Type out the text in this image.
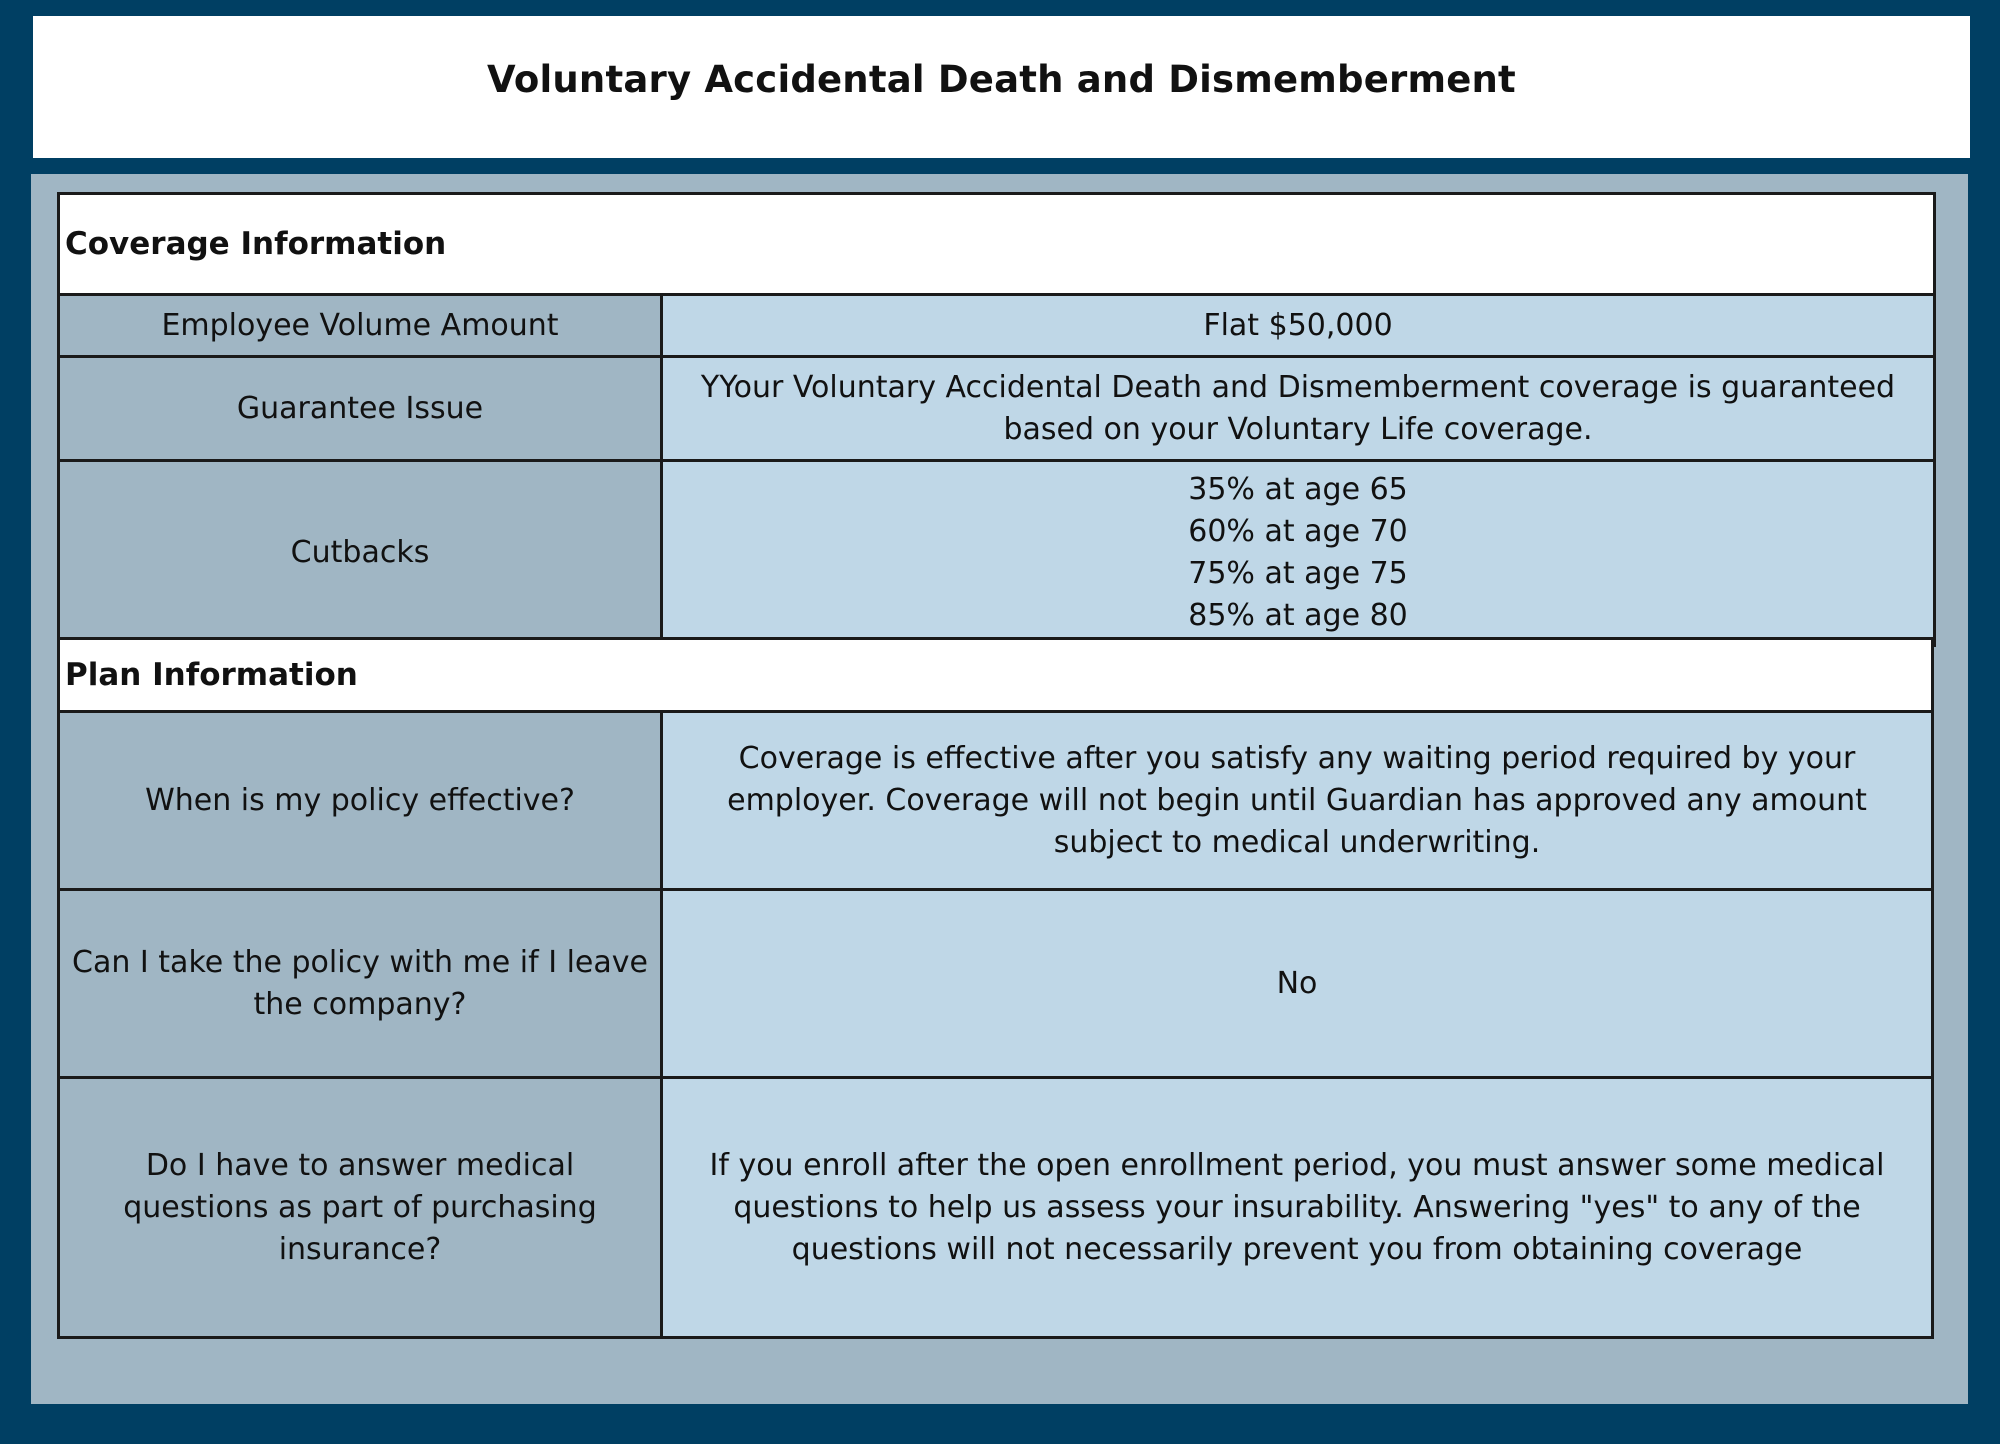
Voluntary Accidental Death and Dismemberment
Coverage Information
Employee Volume Amount	Flat $50,000
Guarantee Issue
YYour Voluntary Accidental Death and Dismemberment coverage is guaranteed based on your Voluntary Life coverage.
Cutbacks
35% at age 65
60% at age 70
75% at age 75
85% at age 80
Plan Information
When is my policy effective?
Coverage is effective after you satisfy any waiting period required by your employer. Coverage will not begin until Guardian has approved any amount subject to medical underwriting.
Can I take the policy with me if I leave the company?
No
Do I have to answer medical questions as part of purchasing insurance?
If you enroll after the open enrollment period, you must answer some medical questions to help us assess your insurability. Answering "yes" to any of the questions will not necessarily prevent you from obtaining coverage
